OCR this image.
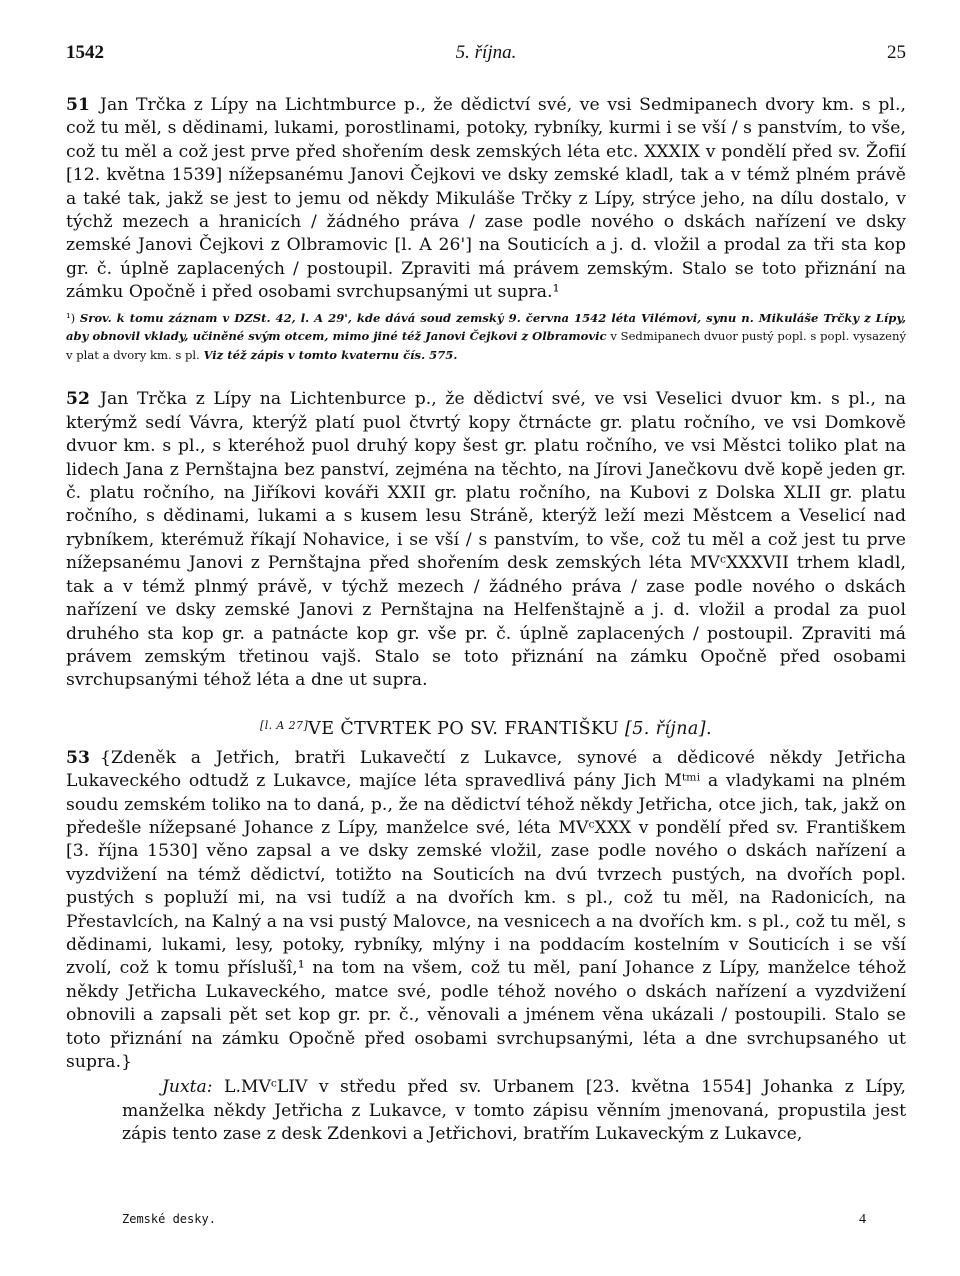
1542	5. října.	25

51 Jan Trčka z Lípy na Lichtmburce p., že dědictví své, ve vsi Sedmipanech dvory km. s pl., což tu měl, s dědinami, lukami, porostlinami, potoky, rybníky, kurmi i se vší / s panstvím, to vše, což tu měl a což jest prve před shořením desk zemských léta etc. XXXIX v pondělí před sv. Žofií [12. května 1539] nížepsanému Janovi Čejkovi ve dsky zemské kladl, tak a v témž plném právě a také tak, jakž se jest to jemu od někdy Mikuláše Trčky z Lípy, strýce jeho, na dílu dostalo, v týchž mezech a hranicích / žádného práva / zase podle nového o dskách nařízení ve dsky zemské Janovi Čejkovi z Olbramovic [l. A 26'] na Souticích a j. d. vložil a prodal za tři sta kop gr. č. úplně zaplacených / postoupil. Zpraviti má právem zemským. Stalo se toto přiznání na zámku Opočně i před osobami svrchupsanými ut supra.¹

¹) Srov. k tomu záznam v DZSt. 42, l. A 29', kde dává soud zemský 9. června 1542 léta Vilémovi, synu n. Mikuláše Trčky z Lípy, aby obnovil vklady, učiněné svým otcem, mimo jiné též Janovi Čejkovi z Olbramovic v Sedmipanech dvuor pustý popl. s popl. vysazený v plat a dvory km. s pl. Viz též zápis v tomto kvaternu čís. 575.

52 Jan Trčka z Lípy na Lichtenburce p., že dědictví své, ve vsi Veselici dvuor km. s pl., na kterýmž sedí Vávra, kterýž platí puol čtvrtý kopy čtrnácte gr. platu ročního, ve vsi Domkově dvuor km. s pl., s kteréhož puol druhý kopy šest gr. platu ročního, ve vsi Městci toliko plat na lidech Jana z Pernštajna bez panství, zejména na těchto, na Jírovi Janečkovu dvě kopě jeden gr. č. platu ročního, na Jiříkovi kováři XXII gr. platu ročního, na Kubovi z Dolska XLII gr. platu ročního, s dědinami, lukami a s kusem lesu Stráně, kterýž leží mezi Městcem a Veselicí nad rybníkem, kterémuž říkají Nohavice, i se vší / s panstvím, to vše, což tu měl a což jest tu prve nížepsanému Janovi z Pernštajna před shořením desk zemských léta MVᶜXXXVII trhem kladl, tak a v témž plnmý právě, v týchž mezech / žádného práva / zase podle nového o dskách nařízení ve dsky zemské Janovi z Pernštajna na Helfenštajně a j. d. vložil a prodal za puol druhého sta kop gr. a patnácte kop gr. vše pr. č. úplně zaplacených / postoupil. Zpraviti má právem zemským třetinou vajš. Stalo se toto přiznání na zámku Opočně před osobami svrchupsanými téhož léta a dne ut supra.

[l. A 27]VE ČTVRTEK PO SV. FRANTIŠKU [5. října].

53 {Zdeněk a Jetřich, bratři Lukavečtí z Lukavce, synové a dědicové někdy Jetřicha Lukaveckého odtudž z Lukavce, majíce léta spravedlivá pány Jich Mᵗᵐⁱ a vladykami na plném soudu zemském toliko na to daná, p., že na dědictví téhož někdy Jetřicha, otce jich, tak, jakž on předešle nížepsané Johance z Lípy, manželce své, léta MVᶜXXX v pondělí před sv. Františkem [3. října 1530] věno zapsal a ve dsky zemské vložil, zase podle nového o dskách nařízení a vyzdvižení na témž dědictví, totižto na Souticích na dvú tvrzech pustých, na dvořích popl. pustých s popluží mi, na vsi tudíž a na dvořích km. s pl., což tu měl, na Radonicích, na Přestavlcích, na Kalný a na vsi pustý Malovce, na vesnicech a na dvořích km. s pl., což tu měl, s dědinami, lukami, lesy, potoky, rybníky, mlýny i na poddacím kostelním v Souticích i se vší zvolí, což k tomu příslušî,¹ na tom na všem, což tu měl, paní Johance z Lípy, manželce téhož někdy Jetřicha Lukaveckého, matce své, podle téhož nového o dskách nařízení a vyzdvižení obnovili a zapsali pět set kop gr. pr. č., věnovali a jménem věna ukázali / postoupili. Stalo se toto přiznání na zámku Opočně před osobami svrchupsanými, léta a dne svrchupsaného ut supra.}

Juxta: L.MVᶜLIV v středu před sv. Urbanem [23. května 1554] Johanka z Lípy, manželka někdy Jetřicha z Lukavce, v tomto zápisu věnním jmenovaná, propustila jest zápis tento zase z desk Zdenkovi a Jetřichovi, bratřím Lukaveckým z Lukavce,

Zemské desky.	4
